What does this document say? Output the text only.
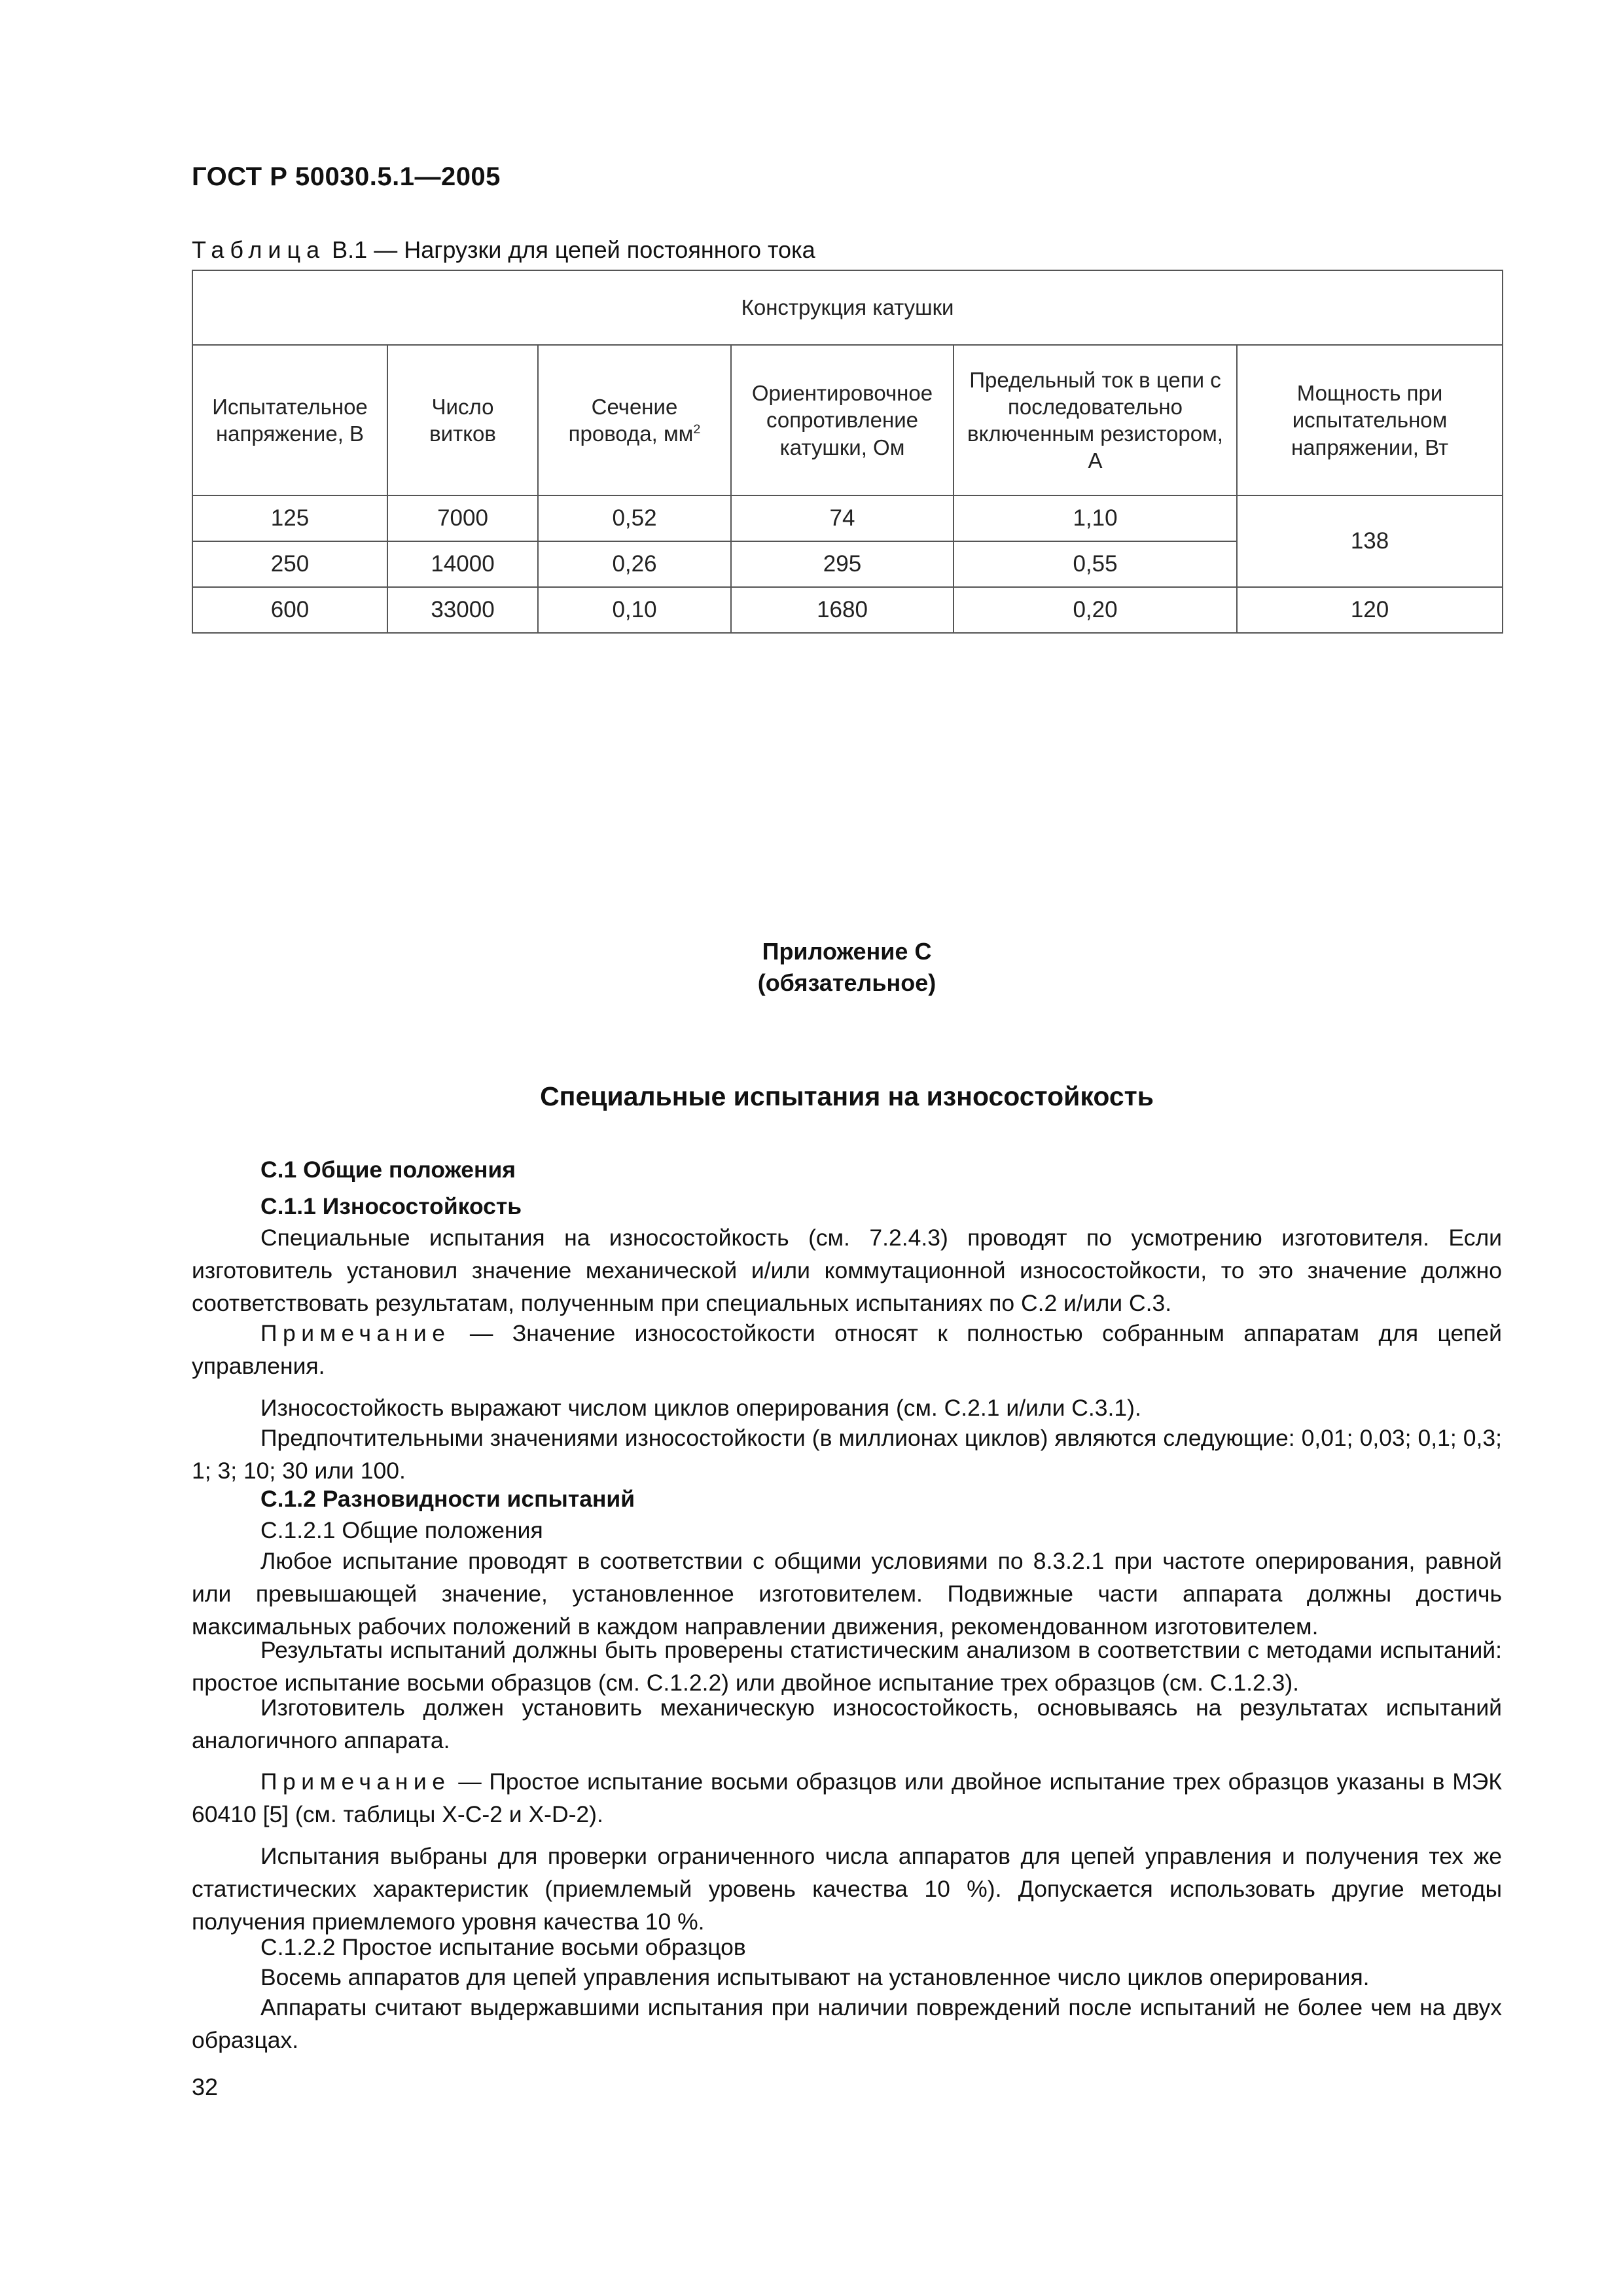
ГОСТ Р 50030.5.1—2005
Таблица В.1 — Нагрузки для цепей постоянного тока
Конструкция катушки					
Испытательное напряжение, В	Число витков	Сечение провода, $мм^2$	Ориентировочное сопротивление катушки, Ом	Предельный ток в цепи с последовательно включенным резистором, А	Мощность при испытательном напряжении, Вт
125	7000	0,52	74	1,10	138
250	14000	0,26	295	0,55	
600	33000	0,10	1680	0,20	120
Приложение С
(обязательное)
Специальные испытания на износостойкость
С.1 Общие положения
С.1.1 Износостойкость
Специальные испытания на износостойкость (см. 7.2.4.3) проводят по усмотрению изготовителя. Если изготовитель установил значение механической и/или коммутационной износостойкости, то это значение должно соответствовать результатам, полученным при специальных испытаниях по С.2 и/или С.3.
Примечание — Значение износостойкости относят к полностью собранным аппаратам для цепей управления.
Износостойкость выражают числом циклов оперирования (см. С.2.1 и/или С.3.1).
Предпочтительными значениями износостойкости (в миллионах циклов) являются следующие: 0,01; 0,03; 0,1; 0,3; 1; 3; 10; 30 или 100.
С.1.2 Разновидности испытаний
С.1.2.1 Общие положения
Любое испытание проводят в соответствии с общими условиями по 8.3.2.1 при частоте оперирования, равной или превышающей значение, установленное изготовителем. Подвижные части аппарата должны достичь максимальных рабочих положений в каждом направлении движения, рекомендованном изготовителем.
Результаты испытаний должны быть проверены статистическим анализом в соответствии с методами испытаний: простое испытание восьми образцов (см. С.1.2.2) или двойное испытание трех образцов (см. С.1.2.3).
Изготовитель должен установить механическую износостойкость, основываясь на результатах испытаний аналогичного аппарата.
Примечание — Простое испытание восьми образцов или двойное испытание трех образцов указаны в МЭК 60410 [5] (см. таблицы X-C-2 и X-D-2).
Испытания выбраны для проверки ограниченного числа аппаратов для цепей управления и получения тех же статистических характеристик (приемлемый уровень качества 10 %). Допускается использовать другие методы получения приемлемого уровня качества 10 %.
С.1.2.2 Простое испытание восьми образцов
Восемь аппаратов для цепей управления испытывают на установленное число циклов оперирования.
Аппараты считают выдержавшими испытания при наличии повреждений после испытаний не более чем на двух образцах.
32
